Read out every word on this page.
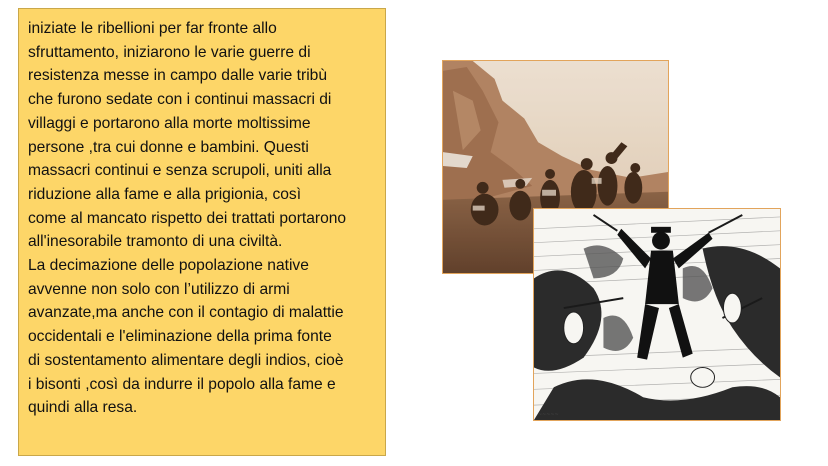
iniziate le ribellioni per far fronte allo
sfruttamento, iniziarono le varie guerre di
resistenza messe in campo dalle varie tribù
che furono sedate con i continui massacri di
villaggi e portarono alla morte moltissime
persone ,tra cui donne e bambini. Questi
massacri continui e senza scrupoli, uniti alla
riduzione alla fame e alla prigionia, così
come al mancato rispetto dei trattati portarono
all'inesorabile tramonto di una civiltà.

La decimazione delle popolazione native
avvenne non solo con l’utilizzo di armi
avanzate,ma anche con il contagio di malattie
occidentali e l'eliminazione della prima fonte
di sostentamento alimentare degli indios, cioè
i bisonti ,così da indurre il popolo alla fame e
quindi alla resa.	~~~~~
